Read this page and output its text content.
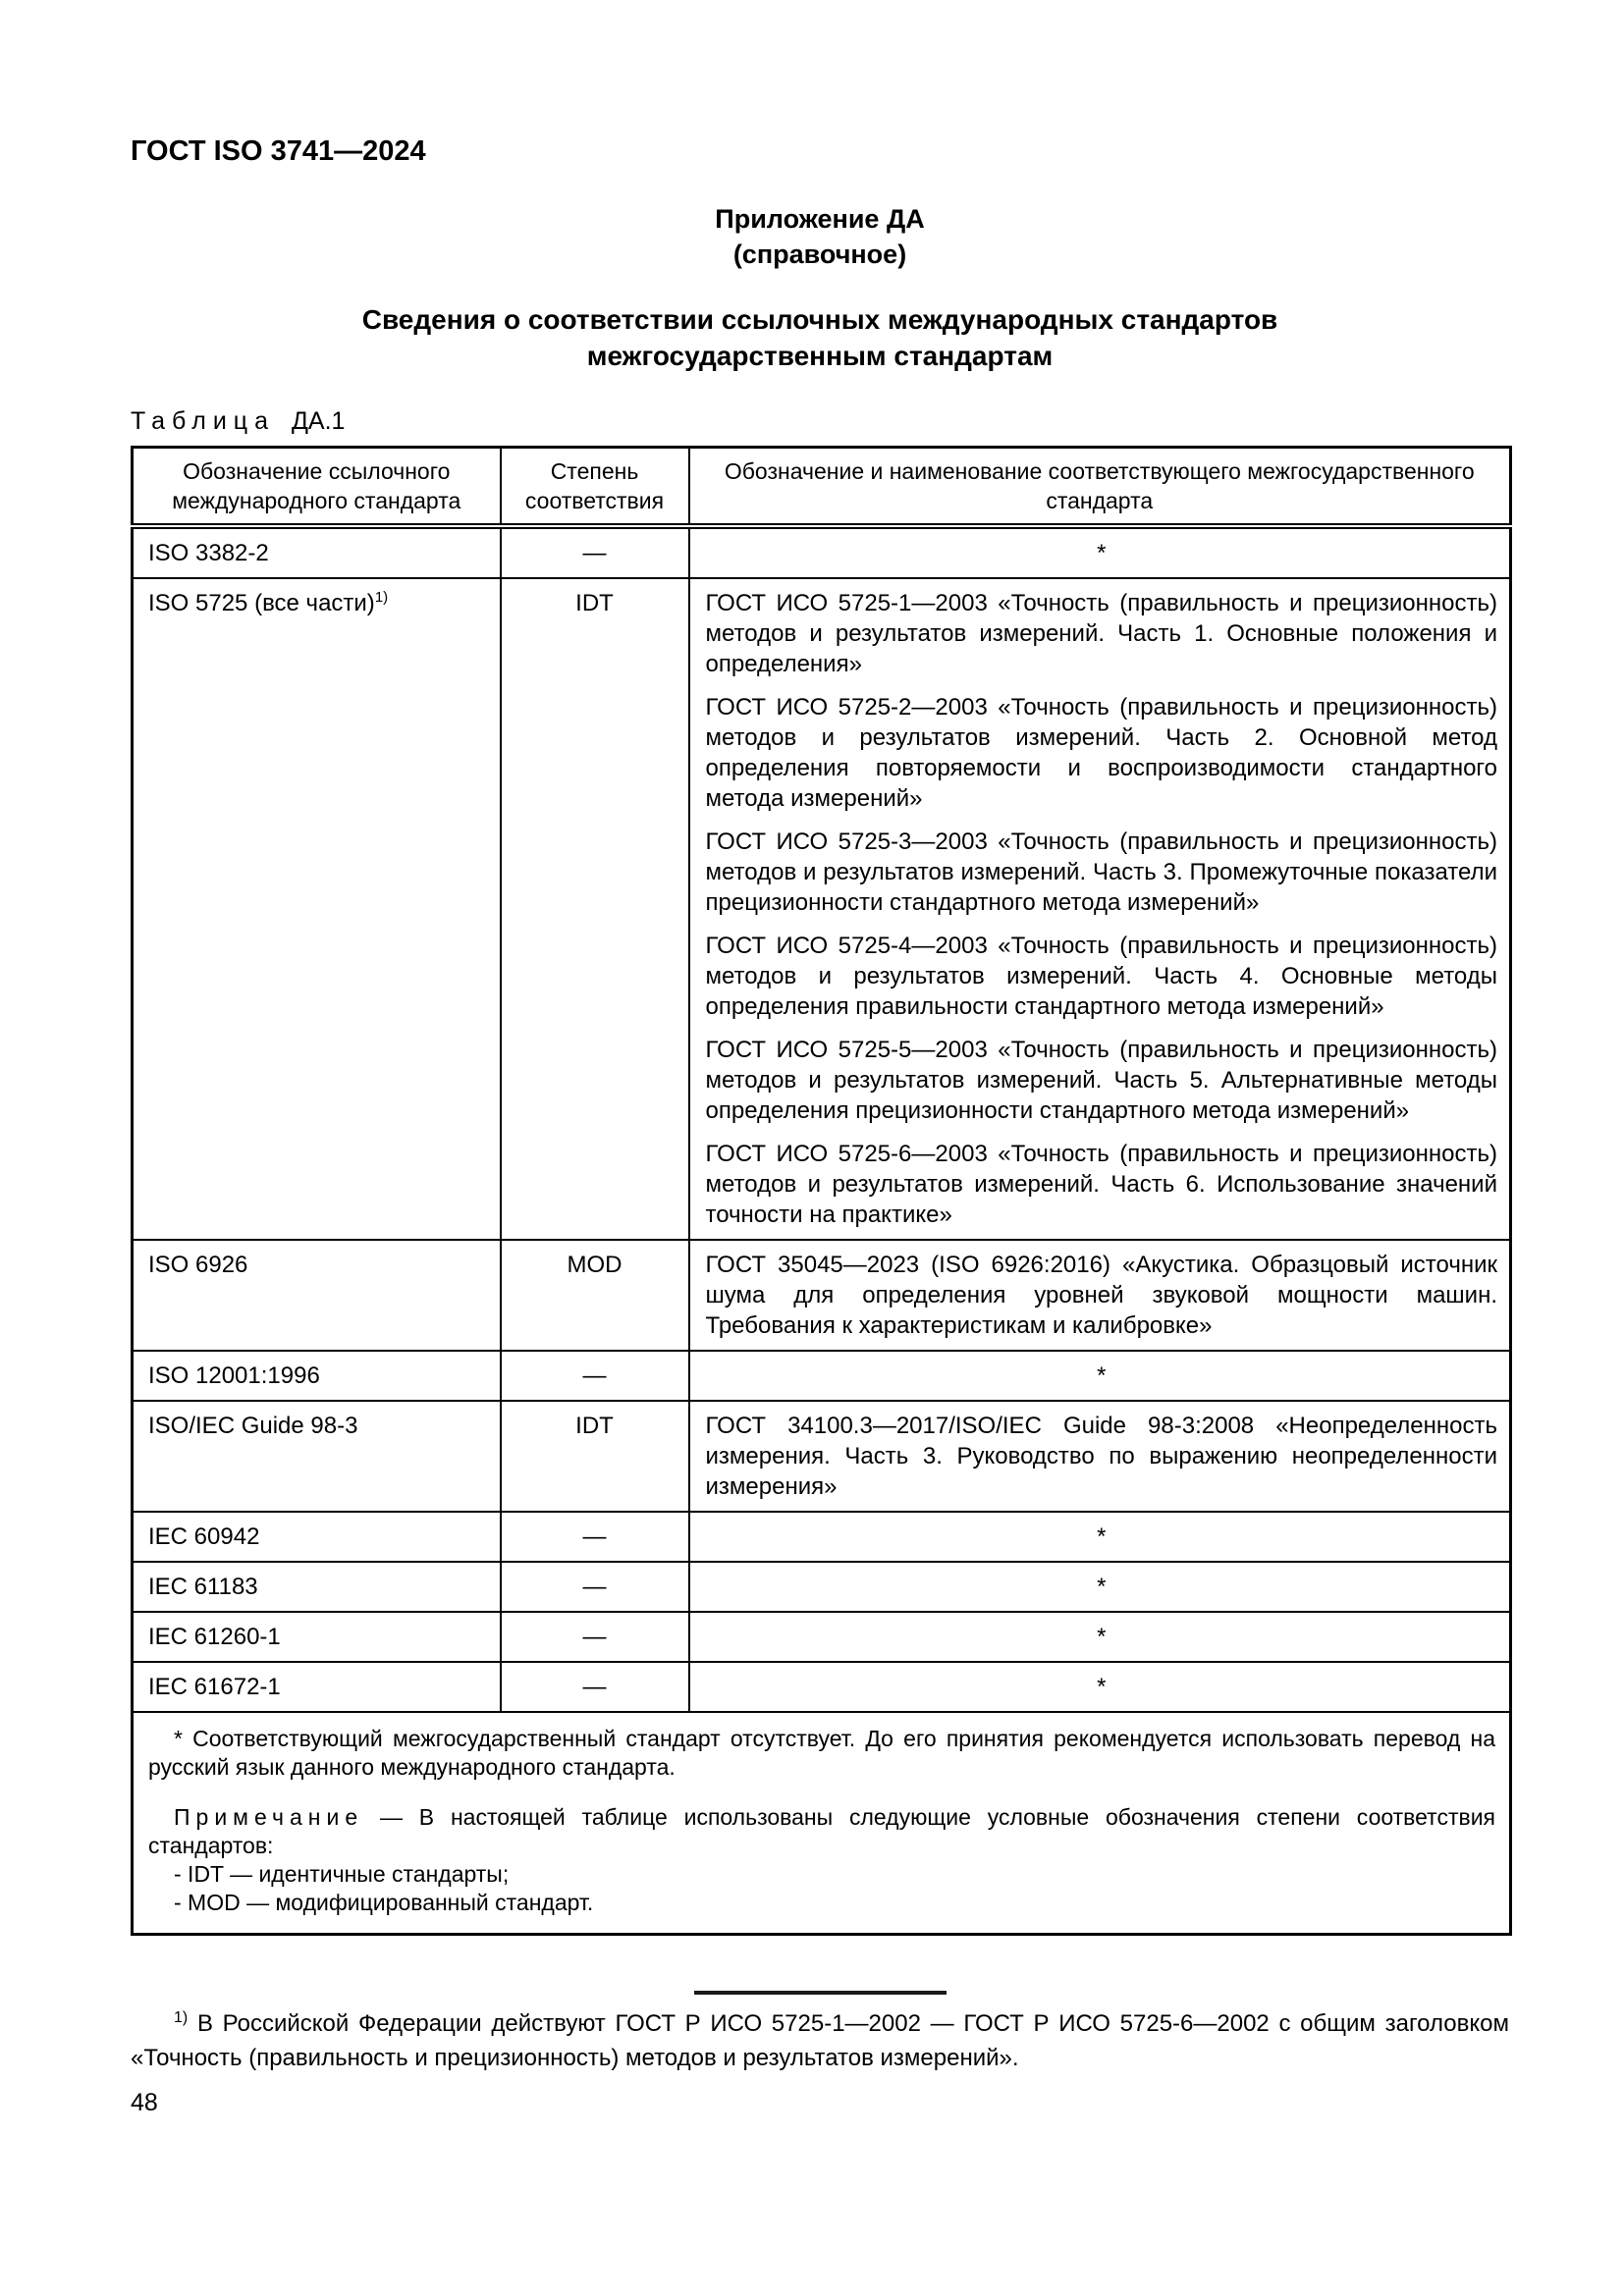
ГОСТ ISO 3741—2024
Приложение ДА
(справочное)
Сведения о соответствии ссылочных международных стандартов
межгосударственным стандартам
Таблица ДА.1
Обозначение ссылочного международного стандарта	Степень соответствия	Обозначение и наименование соответствующего межгосударственного стандарта
ISO 3382-2	—	*
ISO 5725 (все части)$^{1)}$	IDT	ГОСТ ИСО 5725-1—2003 «Точность (правильность и прецизионность) методов и результатов измерений. Часть 1. Основные положения и определения»

ГОСТ ИСО 5725-2—2003 «Точность (правильность и прецизионность) методов и результатов измерений. Часть 2. Основной метод определения повторяемости и воспроизводимости стандартного метода измерений»

ГОСТ ИСО 5725-3—2003 «Точность (правильность и прецизионность) методов и результатов измерений. Часть 3. Промежуточные показатели прецизионности стандартного метода измерений»

ГОСТ ИСО 5725-4—2003 «Точность (правильность и прецизионность) методов и результатов измерений. Часть 4. Основные методы определения правильности стандартного метода измерений»

ГОСТ ИСО 5725-5—2003 «Точность (правильность и прецизионность) методов и результатов измерений. Часть 5. Альтернативные методы определения прецизионности стандартного метода измерений»

ГОСТ ИСО 5725-6—2003 «Точность (правильность и прецизионность) методов и результатов измерений. Часть 6. Использование значений точности на практике»

ISO 6926	MOD	ГОСТ 35045—2023 (ISO 6926:2016) «Акустика. Образцовый источник шума для определения уровней звуковой мощности машин. Требования к характеристикам и калибровке»

ISO 12001:1996	—	*
ISO/IEC Guide 98-3	IDT	ГОСТ 34100.3—2017/ISO/IEC Guide 98-3:2008 «Неопределенность измерения. Часть 3. Руководство по выражению неопределенности измерения»

IEC 60942	—	*
IEC 61183	—	*
IEC 61260-1	—	*
IEC 61672-1	—	*

* Соответствующий межгосударственный стандарт отсутствует. До его принятия рекомендуется использовать перевод на русский язык данного международного стандарта.

Примечание — В настоящей таблице использованы следующие условные обозначения степени соответствия стандартов:

- IDT — идентичные стандарты;
- MOD — модифицированный стандарт.		
$^{1)}$ В Российской Федерации действуют ГОСТ Р ИСО 5725-1—2002 — ГОСТ Р ИСО 5725-6—2002 с общим заголовком «Точность (правильность и прецизионность) методов и результатов измерений».
48
